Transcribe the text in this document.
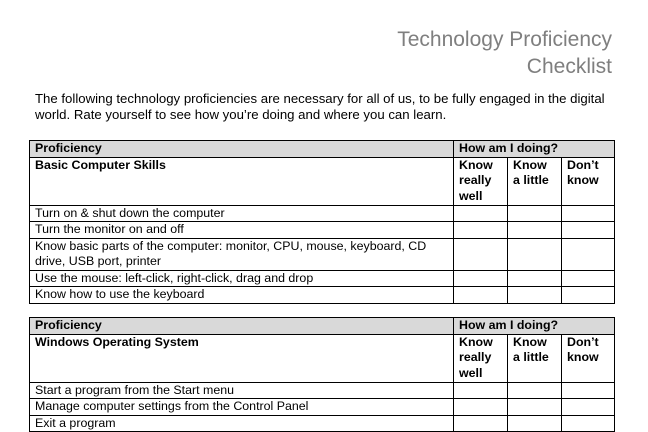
Technology Proficiency
Checklist
The following technology proficiencies are necessary for all of us, to be fully engaged in the digital world. Rate yourself to see how you’re doing and where you can learn.
Proficiency	How am I doing?		
Basic Computer Skills	Know really well	Know a little	Don’t know
Turn on & shut down the computer			
Turn the monitor on and off			
Know basic parts of the computer: monitor, CPU, mouse, keyboard, CD drive, USB port, printer			
Use the mouse: left-click, right-click, drag and drop			
Know how to use the keyboard			
Proficiency	How am I doing?		
Windows Operating System	Know really well	Know a little	Don’t know
Start a program from the Start menu			
Manage computer settings from the Control Panel			
Exit a program			
